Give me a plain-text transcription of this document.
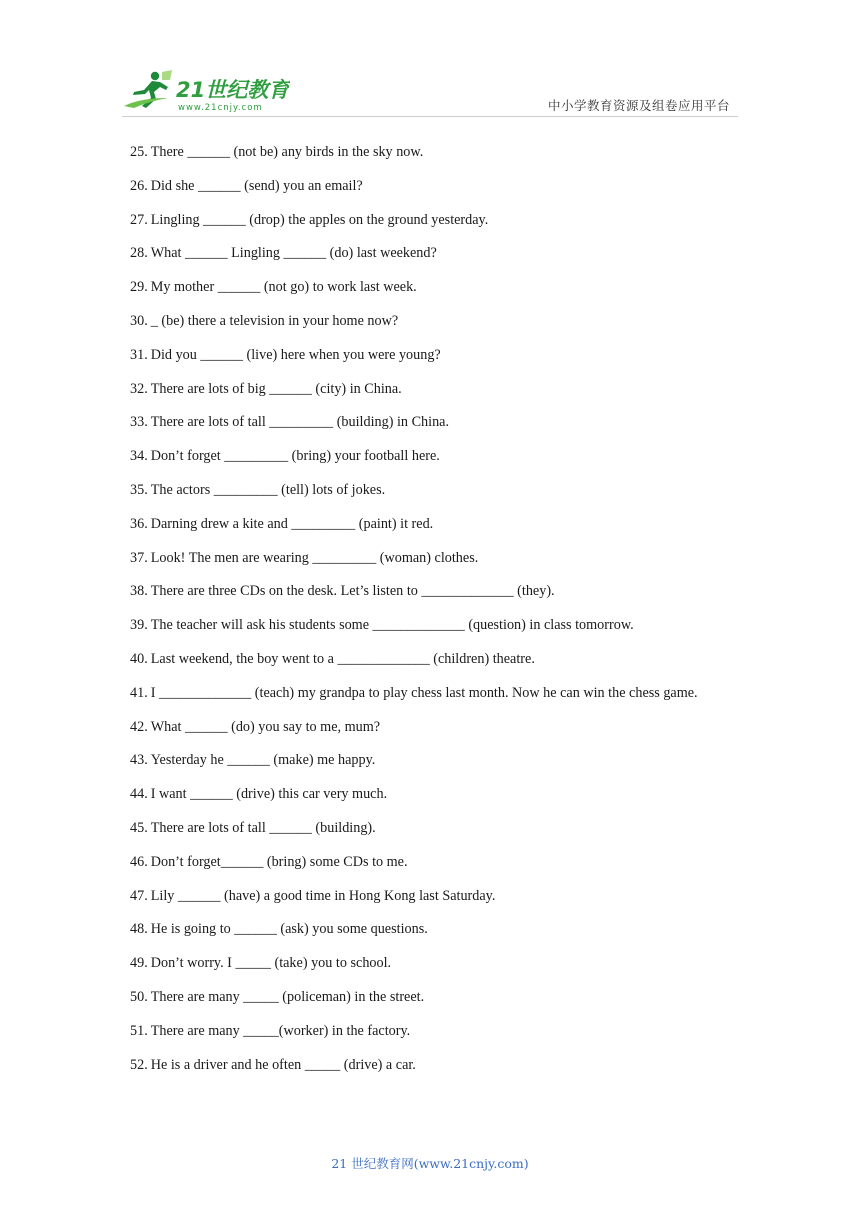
21世纪教育
www.21cnjy.com	中小学教育资源及组卷应用平台
25. There ______ (not be) any birds in the sky now.
26. Did she ______ (send) you an email?
27. Lingling ______ (drop) the apples on the ground yesterday.
28. What ______ Lingling ______ (do) last weekend?
29. My mother ______ (not go) to work last week.
30. _ (be) there a television in your home now?
31. Did you ______ (live) here when you were young?
32. There are lots of big ______ (city) in China.
33. There are lots of tall _________ (building) in China.
34. Don’t forget _________ (bring) your football here.
35. The actors _________ (tell) lots of jokes.
36. Darning drew a kite and _________ (paint) it red.
37. Look! The men are wearing _________ (woman) clothes.
38. There are three CDs on the desk. Let’s listen to _____________ (they).
39. The teacher will ask his students some _____________ (question) in class tomorrow.
40. Last weekend, the boy went to a _____________ (children) theatre.
41. I _____________ (teach) my grandpa to play chess last month. Now he can win the chess game.
42. What ______ (do) you say to me, mum?
43. Yesterday he ______ (make) me happy.
44. I want ______ (drive) this car very much.
45. There are lots of tall ______ (building).
46. Don’t forget______ (bring) some CDs to me.
47. Lily ______ (have) a good time in Hong Kong last Saturday.
48. He is going to ______ (ask) you some questions.
49. Don’t worry. I _____ (take) you to school.
50. There are many _____ (policeman) in the street.
51. There are many _____(worker) in the factory.
52. He is a driver and he often _____ (drive) a car.
21 世纪教育网(www.21cnjy.com)
